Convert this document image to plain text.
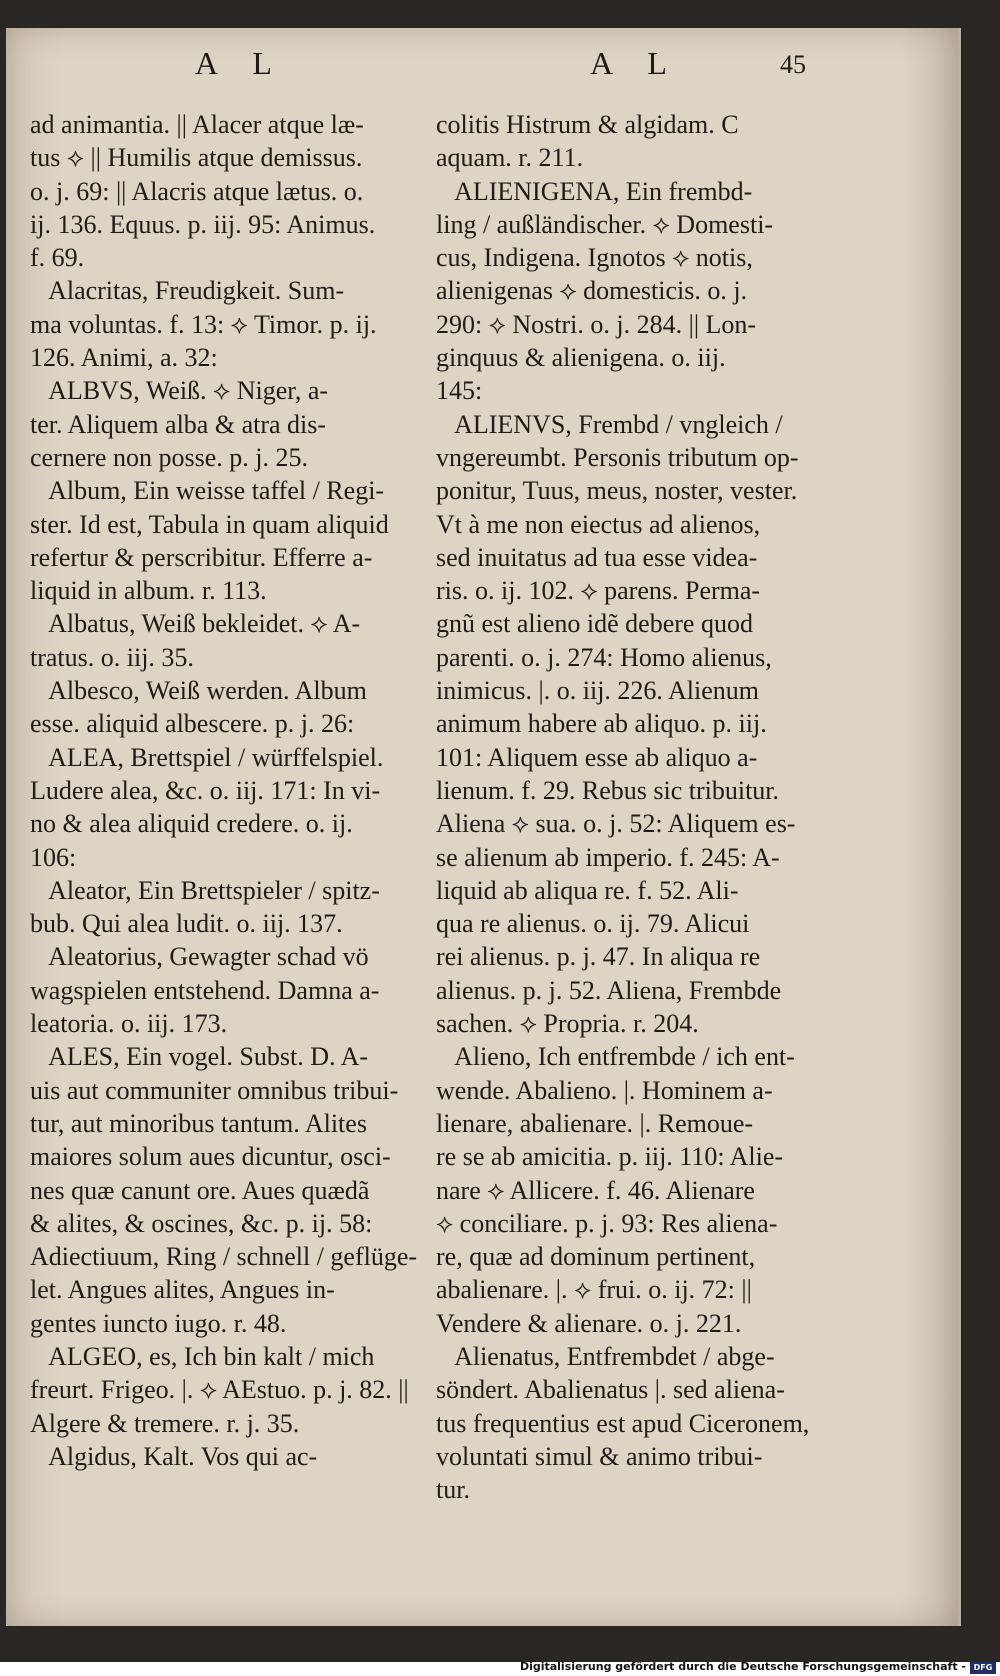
A L	A L	45
ad animantia. || Alacer atque læ-
tus ⟡ || Humilis atque demissus.
o. j. 69: || Alacris atque lætus. o.
ij. 136. Equus. p. iij. 95: Animus.
f. 69.
Alacritas, Freudigkeit. Sum-
ma voluntas. f. 13: ⟡ Timor. p. ij.
126. Animi, a. 32:
ALBVS, Weiß. ⟡ Niger, a-
ter. Aliquem alba & atra dis-
cernere non posse. p. j. 25.
Album, Ein weisse taffel / Regi-
ster. Id est, Tabula in quam aliquid
refertur & perscribitur. Efferre a-
liquid in album. r. 113.
Albatus, Weiß bekleidet. ⟡ A-
tratus. o. iij. 35.
Albesco, Weiß werden. Album
esse. aliquid albescere. p. j. 26:
ALEA, Brettspiel / würffelspiel.
Ludere alea, &c. o. iij. 171: In vi-
no & alea aliquid credere. o. ij.
106:
Aleator, Ein Brettspieler / spitz-
bub. Qui alea ludit. o. iij. 137.
Aleatorius, Gewagter schad vö
wagspielen entstehend. Damna a-
leatoria. o. iij. 173.
ALES, Ein vogel. Subst. D. A-
uis aut communiter omnibus tribui-
tur, aut minoribus tantum. Alites
maiores solum aues dicuntur, osci-
nes quæ canunt ore. Aues quædã
& alites, & oscines, &c. p. ij. 58:
Adiectiuum, Ring / schnell / geflüge-
let. Angues alites, Angues in-
gentes iuncto iugo. r. 48.
ALGEO, es, Ich bin kalt / mich
freurt. Frigeo. |. ⟡ AEstuo. p. j. 82. ||
Algere & tremere. r. j. 35.
Algidus, Kalt. Vos qui ac-
colitis Histrum & algidam. C
aquam. r. 211.
ALIENIGENA, Ein frembd-
ling / außländischer. ⟡ Domesti-
cus, Indigena. Ignotos ⟡ notis,
alienigenas ⟡ domesticis. o. j.
290: ⟡ Nostri. o. j. 284. || Lon-
ginquus & alienigena. o. iij.
145:
ALIENVS, Frembd / vngleich /
vngereumbt. Personis tributum op-
ponitur, Tuus, meus, noster, vester.
Vt à me non eiectus ad alienos,
sed inuitatus ad tua esse videa-
ris. o. ij. 102. ⟡ parens. Perma-
gnũ est alieno idẽ debere quod
parenti. o. j. 274: Homo alienus,
inimicus. |. o. iij. 226. Alienum
animum habere ab aliquo. p. iij.
101: Aliquem esse ab aliquo a-
lienum. f. 29. Rebus sic tribuitur.
Aliena ⟡ sua. o. j. 52: Aliquem es-
se alienum ab imperio. f. 245: A-
liquid ab aliqua re. f. 52. Ali-
qua re alienus. o. ij. 79. Alicui
rei alienus. p. j. 47. In aliqua re
alienus. p. j. 52. Aliena, Frembde
sachen. ⟡ Propria. r. 204.
Alieno, Ich entfrembde / ich ent-
wende. Abalieno. |. Hominem a-
lienare, abalienare. |. Remoue-
re se ab amicitia. p. iij. 110: Alie-
nare ⟡ Allicere. f. 46. Alienare
⟡ conciliare. p. j. 93: Res aliena-
re, quæ ad dominum pertinent,
abalienare. |. ⟡ frui. o. ij. 72: ||
Vendere & alienare. o. j. 221.
Alienatus, Entfrembdet / abge-
söndert. Abalienatus |. sed aliena-
tus frequentius est apud Ciceronem,
voluntati simul & animo tribui-
tur.
Digitalisierung gefördert durch die Deutsche Forschungsgemeinschaft - DFG
